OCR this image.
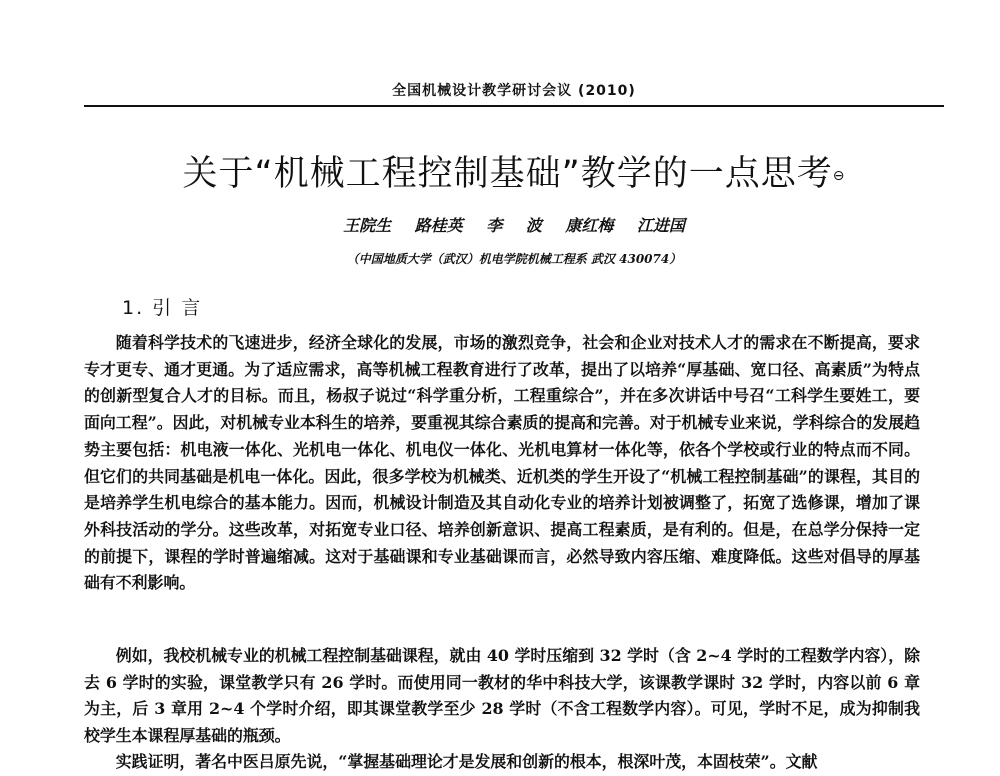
全国机械设计教学研讨会议 (2010)
关于“机械工程控制基础”教学的一点思考⊖
王院生 路桂英 李 波 康红梅 江进国
（中国地质大学（武汉）机电学院机械工程系 武汉 430074）
1. 引 言
随着科学技术的飞速进步，经济全球化的发展，市场的激烈竞争，社会和企业对技术人才的需求在不断提高，要求专才更专、通才更通。为了适应需求，高等机械工程教育进行了改革，提出了以培养“厚基础、宽口径、高素质”为特点的创新型复合人才的目标。而且，杨叔子说过“科学重分析，工程重综合”，并在多次讲话中号召“工科学生要姓工，要面向工程”。因此，对机械专业本科生的培养，要重视其综合素质的提高和完善。对于机械专业来说，学科综合的发展趋势主要包括：机电液一体化、光机电一体化、机电仪一体化、光机电算材一体化等，依各个学校或行业的特点而不同。但它们的共同基础是机电一体化。因此，很多学校为机械类、近机类的学生开设了“机械工程控制基础”的课程，其目的是培养学生机电综合的基本能力。因而，机械设计制造及其自动化专业的培养计划被调整了，拓宽了选修课，增加了课外科技活动的学分。这些改革，对拓宽专业口径、培养创新意识、提高工程素质，是有利的。但是，在总学分保持一定的前提下，课程的学时普遍缩减。这对于基础课和专业基础课而言，必然导致内容压缩、难度降低。这些对倡导的厚基础有不利影响。
例如，我校机械专业的机械工程控制基础课程，就由 40 学时压缩到 32 学时（含 2~4 学时的工程数学内容），除去 6 学时的实验，课堂教学只有 26 学时。而使用同一教材的华中科技大学，该课教学课时 32 学时，内容以前 6 章为主，后 3 章用 2~4 个学时介绍，即其课堂教学至少 28 学时（不含工程数学内容）。可见，学时不足，成为抑制我校学生本课程厚基础的瓶颈。
实践证明，著名中医吕原先说，“掌握基础理论才是发展和创新的根本，根深叶茂，本固枝荣”。文献
